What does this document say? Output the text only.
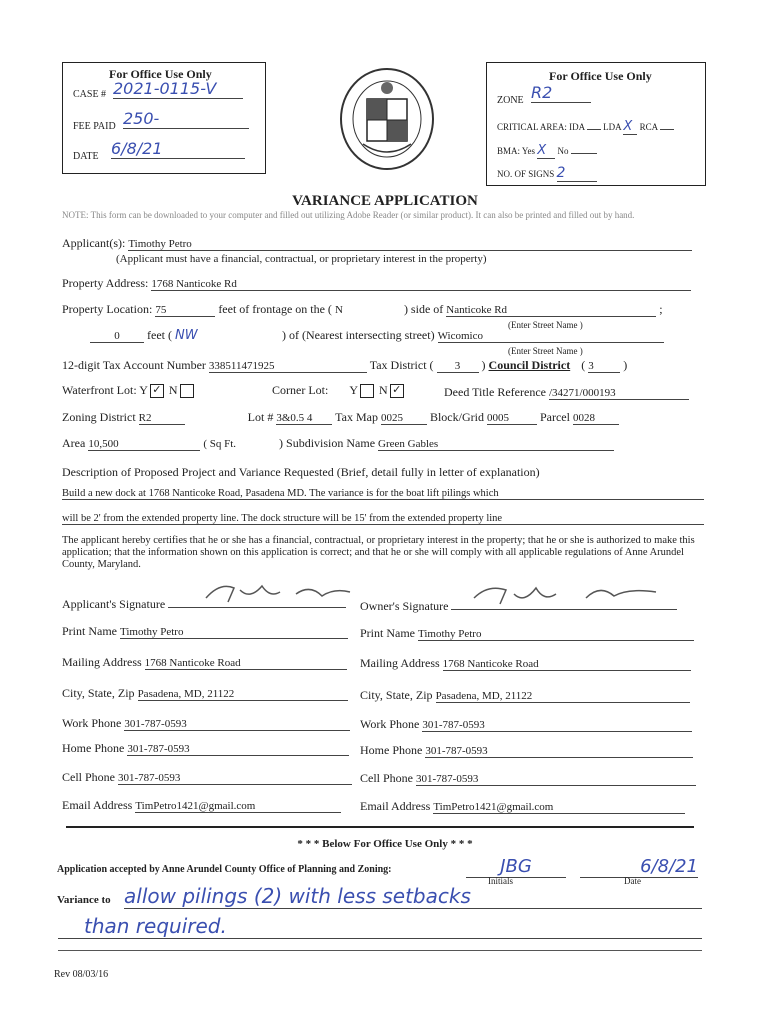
For Office Use Only
CASE # 2021-0115-V
FEE PAID 250-
DATE 6/8/21
For Office Use Only
ZONE R2
CRITICAL AREA: IDA LDA X RCA
BMA: Yes X No
NO. OF SIGNS 2
VARIANCE APPLICATION
NOTE: This form can be downloaded to your computer and filled out utilizing Adobe Reader (or similar product). It can also be printed and filled out by hand.
Applicant(s): Timothy Petro
(Applicant must have a financial, contractual, or proprietary interest in the property)
Property Address: 1768 Nanticoke Rd
Property Location: 75	feet of frontage on the ( N	) side of Nanticoke Rd	;
(Enter Street Name )
0 feet ( NW	) of (Nearest intersecting street) Wicomico
(Enter Street Name )
12-digit Tax Account Number 338511471925	Tax District ( 3 ) Council District ( 3 )
Waterfront Lot: Y ✓ N	Corner Lot: Y N ✓	Deed Title Reference /34271/000193
Zoning District R2	Lot # 3&0.5 4 Tax Map 0025 Block/Grid 0005	Parcel 0028
Area 10,500	( Sq Ft.	) Subdivision Name Green Gables
Description of Proposed Project and Variance Requested (Brief, detail fully in letter of explanation)
Build a new dock at 1768 Nanticoke Road, Pasadena MD. The variance is for the boat lift pilings which
will be 2' from the extended property line. The dock structure will be 15' from the extended property line
The applicant hereby certifies that he or she has a financial, contractual, or proprietary interest in the property; that he or she is authorized to make this application; that the information shown on this application is correct; and that he or she will comply with all applicable regulations of Anne Arundel County, Maryland.
Applicant's Signature	Owner's Signature
Print Name Timothy Petro
Mailing Address 1768 Nanticoke Road
City, State, Zip Pasadena, MD, 21122
Work Phone 301-787-0593
Home Phone 301-787-0593
Cell Phone 301-787-0593
Email Address TimPetro1421@gmail.com
Print Name Timothy Petro
Mailing Address 1768 Nanticoke Road
City, State, Zip Pasadena, MD, 21122
Work Phone 301-787-0593
Home Phone 301-787-0593
Cell Phone 301-787-0593
Email Address TimPetro1421@gmail.com
* * * Below For Office Use Only * * *
Application accepted by Anne Arundel County Office of Planning and Zoning:	JBG
Initials
6/8/21
Date
Variance to allow pilings (2) with less setbacks
than required.
Rev 08/03/16
